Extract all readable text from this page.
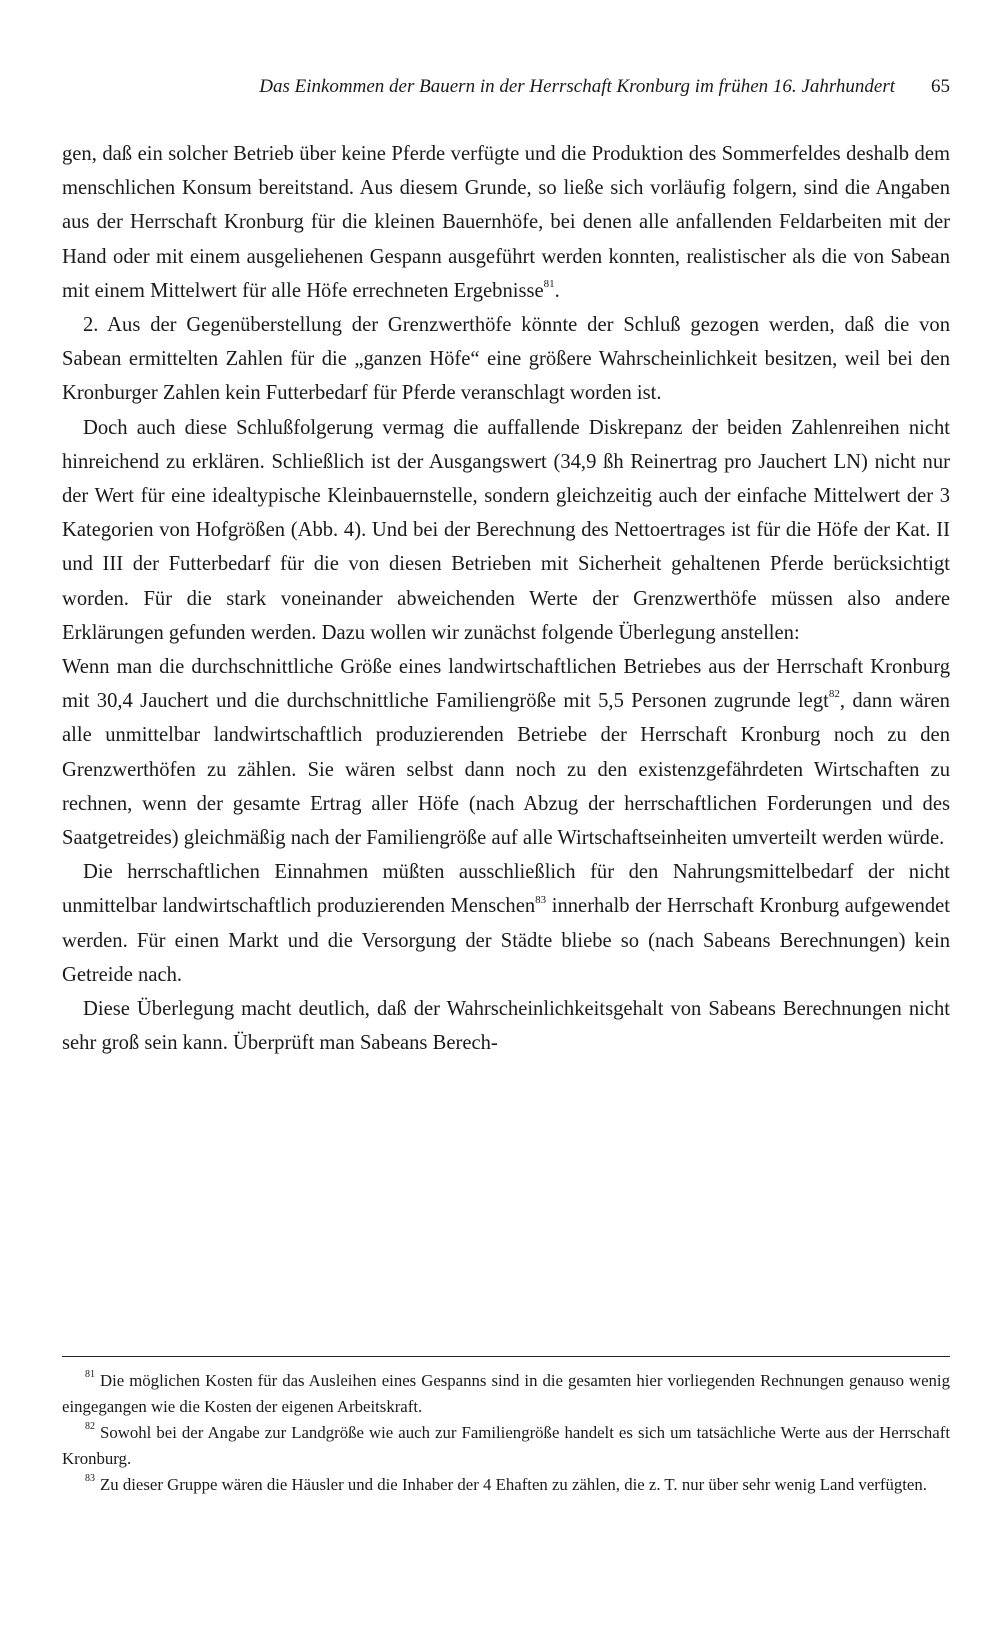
Das Einkommen der Bauern in der Herrschaft Kronburg im frühen 16. Jahrhundert 65

gen, daß ein solcher Betrieb über keine Pferde verfügte und die Produktion des Sommerfeldes deshalb dem menschlichen Konsum bereitstand. Aus diesem Grunde, so ließe sich vorläufig folgern, sind die Angaben aus der Herrschaft Kronburg für die kleinen Bauernhöfe, bei denen alle anfallenden Feldarbeiten mit der Hand oder mit einem ausgeliehenen Gespann ausgeführt werden konnten, realistischer als die von Sabean mit einem Mittelwert für alle Höfe errechneten Ergebnisse$^{81}$.

2. Aus der Gegenüberstellung der Grenzwerthöfe könnte der Schluß gezogen werden, daß die von Sabean ermittelten Zahlen für die „ganzen Höfe“ eine größere Wahrscheinlichkeit besitzen, weil bei den Kronburger Zahlen kein Futterbedarf für Pferde veranschlagt worden ist.

Doch auch diese Schlußfolgerung vermag die auffallende Diskrepanz der beiden Zahlenreihen nicht hinreichend zu erklären. Schließlich ist der Ausgangswert (34,9 ßh Reinertrag pro Jauchert LN) nicht nur der Wert für eine idealtypische Kleinbauernstelle, sondern gleichzeitig auch der einfache Mittelwert der 3 Kategorien von Hofgrößen (Abb. 4). Und bei der Berechnung des Nettoertrages ist für die Höfe der Kat. II und III der Futterbedarf für die von diesen Betrieben mit Sicherheit gehaltenen Pferde berücksichtigt worden. Für die stark voneinander abweichenden Werte der Grenzwerthöfe müssen also andere Erklärungen gefunden werden. Dazu wollen wir zunächst folgende Überlegung anstellen:

Wenn man die durchschnittliche Größe eines landwirtschaftlichen Betriebes aus der Herrschaft Kronburg mit 30,4 Jauchert und die durchschnittliche Familiengröße mit 5,5 Personen zugrunde legt$^{82}$, dann wären alle unmittelbar landwirtschaftlich produzierenden Betriebe der Herrschaft Kronburg noch zu den Grenzwerthöfen zu zählen. Sie wären selbst dann noch zu den existenzgefährdeten Wirtschaften zu rechnen, wenn der gesamte Ertrag aller Höfe (nach Abzug der herrschaftlichen Forderungen und des Saatgetreides) gleichmäßig nach der Familiengröße auf alle Wirtschaftseinheiten umverteilt werden würde.

Die herrschaftlichen Einnahmen müßten ausschließlich für den Nahrungsmittelbedarf der nicht unmittelbar landwirtschaftlich produzierenden Menschen$^{83}$ innerhalb der Herrschaft Kronburg aufgewendet werden. Für einen Markt und die Versorgung der Städte bliebe so (nach Sabeans Berechnungen) kein Getreide nach.

Diese Überlegung macht deutlich, daß der Wahrscheinlichkeitsgehalt von Sabeans Berechnungen nicht sehr groß sein kann. Überprüft man Sabeans Berech-

$^{81}$ Die möglichen Kosten für das Ausleihen eines Gespanns sind in die gesamten hier vorliegenden Rechnungen genauso wenig eingegangen wie die Kosten der eigenen Arbeitskraft.

$^{82}$ Sowohl bei der Angabe zur Landgröße wie auch zur Familiengröße handelt es sich um tatsächliche Werte aus der Herrschaft Kronburg.

$^{83}$ Zu dieser Gruppe wären die Häusler und die Inhaber der 4 Ehaften zu zählen, die z. T. nur über sehr wenig Land verfügten.
